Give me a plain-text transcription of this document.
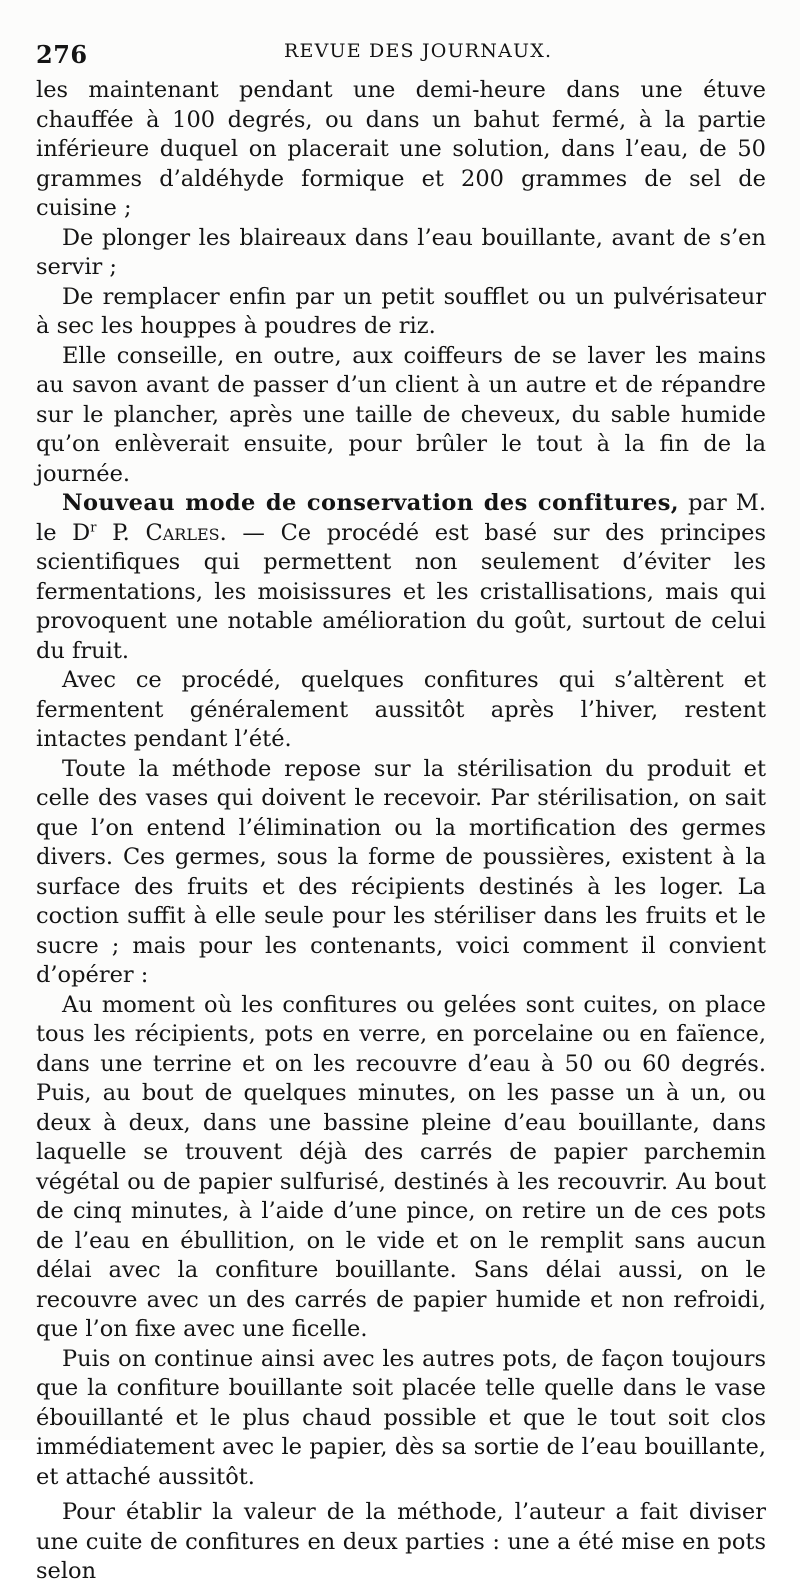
276	REVUE DES JOURNAUX.

les maintenant pendant une demi-heure dans une étuve chauffée à 100 degrés, ou dans un bahut fermé, à la partie inférieure duquel on placerait une solution, dans l’eau, de 50 grammes d’aldéhyde formique et 200 grammes de sel de cuisine ;

De plonger les blaireaux dans l’eau bouillante, avant de s’en servir ;

De remplacer enfin par un petit soufflet ou un pulvérisateur à sec les houppes à poudres de riz.

Elle conseille, en outre, aux coiffeurs de se laver les mains au savon avant de passer d’un client à un autre et de répandre sur le plancher, après une taille de cheveux, du sable humide qu’on enlèverait ensuite, pour brûler le tout à la fin de la journée.

Nouveau mode de conservation des confitures, par M. le $D^r$ P. Carles. — Ce procédé est basé sur des principes scientifiques qui permettent non seulement d’éviter les fermentations, les moisissures et les cristallisations, mais qui provoquent une notable amélioration du goût, surtout de celui du fruit.

Avec ce procédé, quelques confitures qui s’altèrent et fermentent généralement aussitôt après l’hiver, restent intactes pendant l’été.

Toute la méthode repose sur la stérilisation du produit et celle des vases qui doivent le recevoir. Par stérilisation, on sait que l’on entend l’élimination ou la mortification des germes divers. Ces germes, sous la forme de poussières, existent à la surface des fruits et des récipients destinés à les loger. La coction suffit à elle seule pour les stériliser dans les fruits et le sucre ; mais pour les contenants, voici comment il convient d’opérer :

Au moment où les confitures ou gelées sont cuites, on place tous les récipients, pots en verre, en porcelaine ou en faïence, dans une terrine et on les recouvre d’eau à 50 ou 60 degrés. Puis, au bout de quelques minutes, on les passe un à un, ou deux à deux, dans une bassine pleine d’eau bouillante, dans laquelle se trouvent déjà des carrés de papier parchemin végétal ou de papier sulfurisé, destinés à les recouvrir. Au bout de cinq minutes, à l’aide d’une pince, on retire un de ces pots de l’eau en ébullition, on le vide et on le remplit sans aucun délai avec la confiture bouillante. Sans délai aussi, on le recouvre avec un des carrés de papier humide et non refroidi, que l’on fixe avec une ficelle.

Puis on continue ainsi avec les autres pots, de façon toujours que la confiture bouillante soit placée telle quelle dans le vase ébouillanté et le plus chaud possible et que le tout soit clos immédiatement avec le papier, dès sa sortie de l’eau bouillante, et attaché aussitôt.

Pour établir la valeur de la méthode, l’auteur a fait diviser une cuite de confitures en deux parties : une a été mise en pots selon
